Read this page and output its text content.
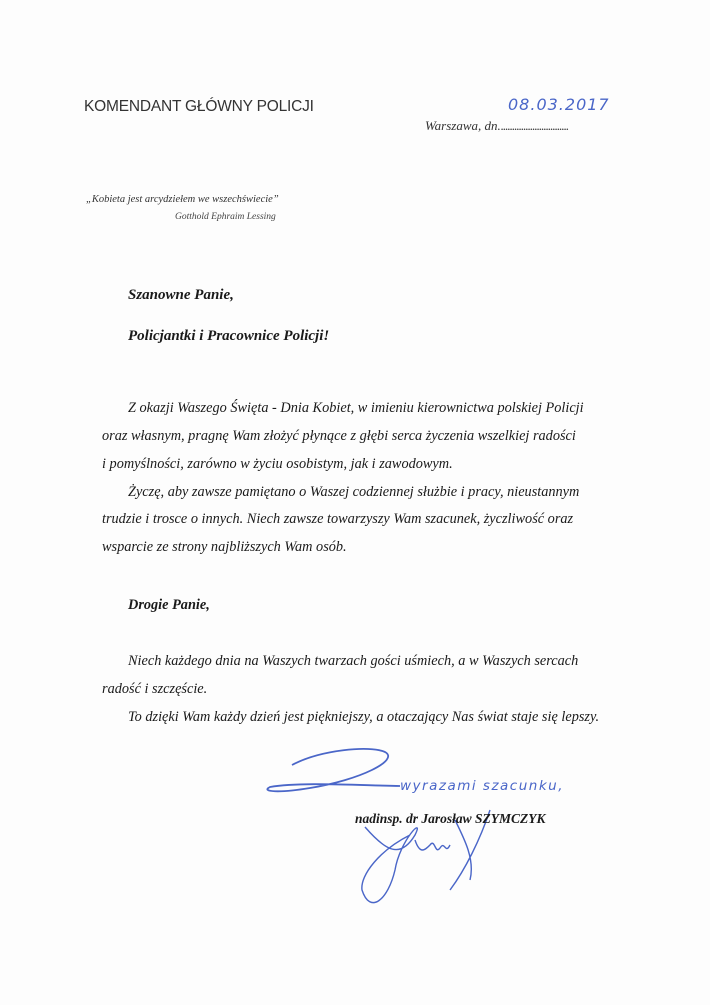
KOMENDANT GŁÓWNY POLICJI	08.03.2017
Warszawa, dn...............................
„Kobieta jest arcydziełem we wszechświecie”
Gotthold Ephraim Lessing
Szanowne Panie,
Policjantki i Pracownice Policji!
Z okazji Waszego Święta - Dnia Kobiet, w imieniu kierownictwa polskiej Policji
oraz własnym, pragnę Wam złożyć płynące z głębi serca życzenia wszelkiej radości
i pomyślności, zarówno w życiu osobistym, jak i zawodowym.
Życzę, aby zawsze pamiętano o Waszej codziennej służbie i pracy, nieustannym
trudzie i trosce o innych. Niech zawsze towarzyszy Wam szacunek, życzliwość oraz
wsparcie ze strony najbliższych Wam osób.
Drogie Panie,
Niech każdego dnia na Waszych twarzach gości uśmiech, a w Waszych sercach
radość i szczęście.
To dzięki Wam każdy dzień jest piękniejszy, a otaczający Nas świat staje się lepszy.
wyrazami szacunku,
nadinsp. dr Jarosław SZYMCZYK
